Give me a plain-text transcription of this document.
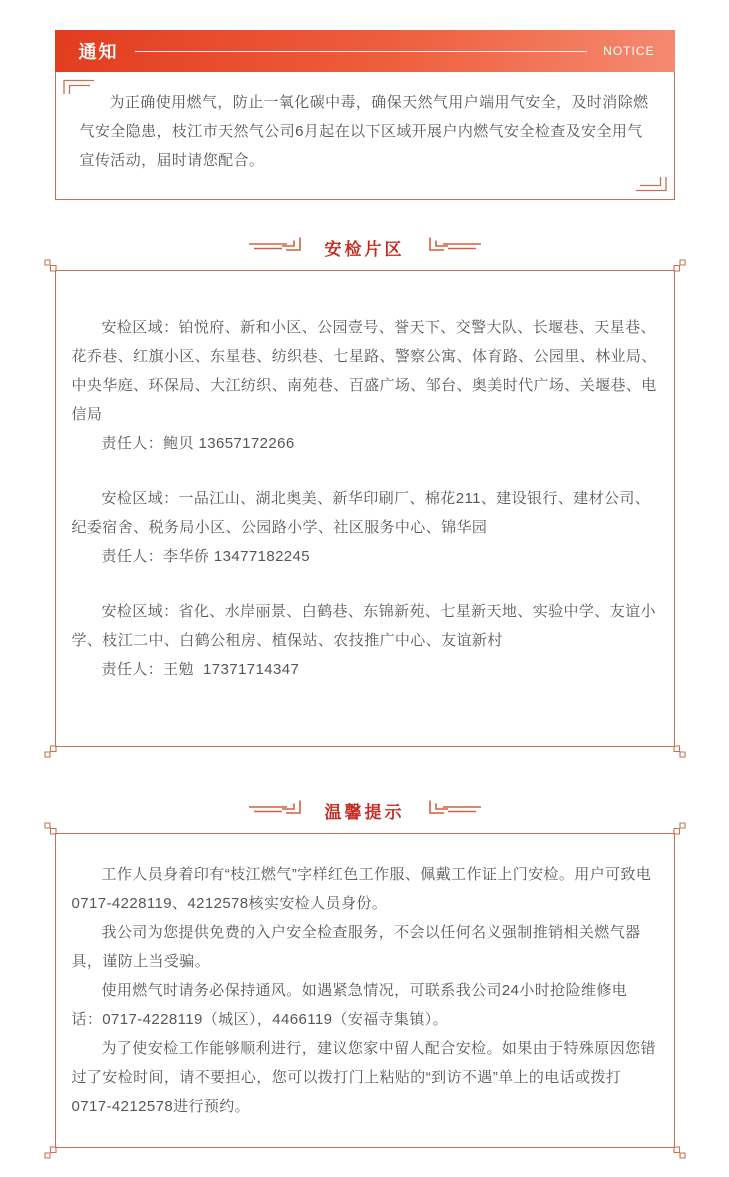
通知	NOTICE

为正确使用燃气，防止一氧化碳中毒，确保天然气用户端用气安全，及时消除燃气安全隐患，枝江市天然气公司6月起在以下区域开展户内燃气安全检查及安全用气宣传活动，届时请您配合。

安检片区

安检区域：铂悦府、新和小区、公园壹号、誉天下、交警大队、长堰巷、天星巷、花乔巷、红旗小区、东星巷、纺织巷、七星路、警察公寓、体育路、公园里、林业局、中央华庭、环保局、大江纺织、南苑巷、百盛广场、邹台、奥美时代广场、关堰巷、电信局

责任人：鲍贝 13657172266

安检区域：一品江山、湖北奥美、新华印刷厂、棉花211、建设银行、建材公司、纪委宿舍、税务局小区、公园路小学、社区服务中心、锦华园

责任人：李华侨 13477182245

安检区域：省化、水岸丽景、白鹤巷、东锦新苑、七星新天地、实验中学、友谊小学、枝江二中、白鹤公租房、植保站、农技推广中心、友谊新村

责任人：王勉  17371714347

温馨提示

工作人员身着印有“枝江燃气”字样红色工作服、佩戴工作证上门安检。用户可致电0717-4228119、4212578核实安检人员身份。

我公司为您提供免费的入户安全检查服务，不会以任何名义强制推销相关燃气器具，谨防上当受骗。

使用燃气时请务必保持通风。如遇紧急情况，可联系我公司24小时抢险维修电话：0717-4228119（城区），4466119（安福寺集镇）。

为了使安检工作能够顺利进行，建议您家中留人配合安检。如果由于特殊原因您错过了安检时间，请不要担心，您可以拨打门上粘贴的“到访不遇”单上的电话或拨打0717-4212578进行预约。
